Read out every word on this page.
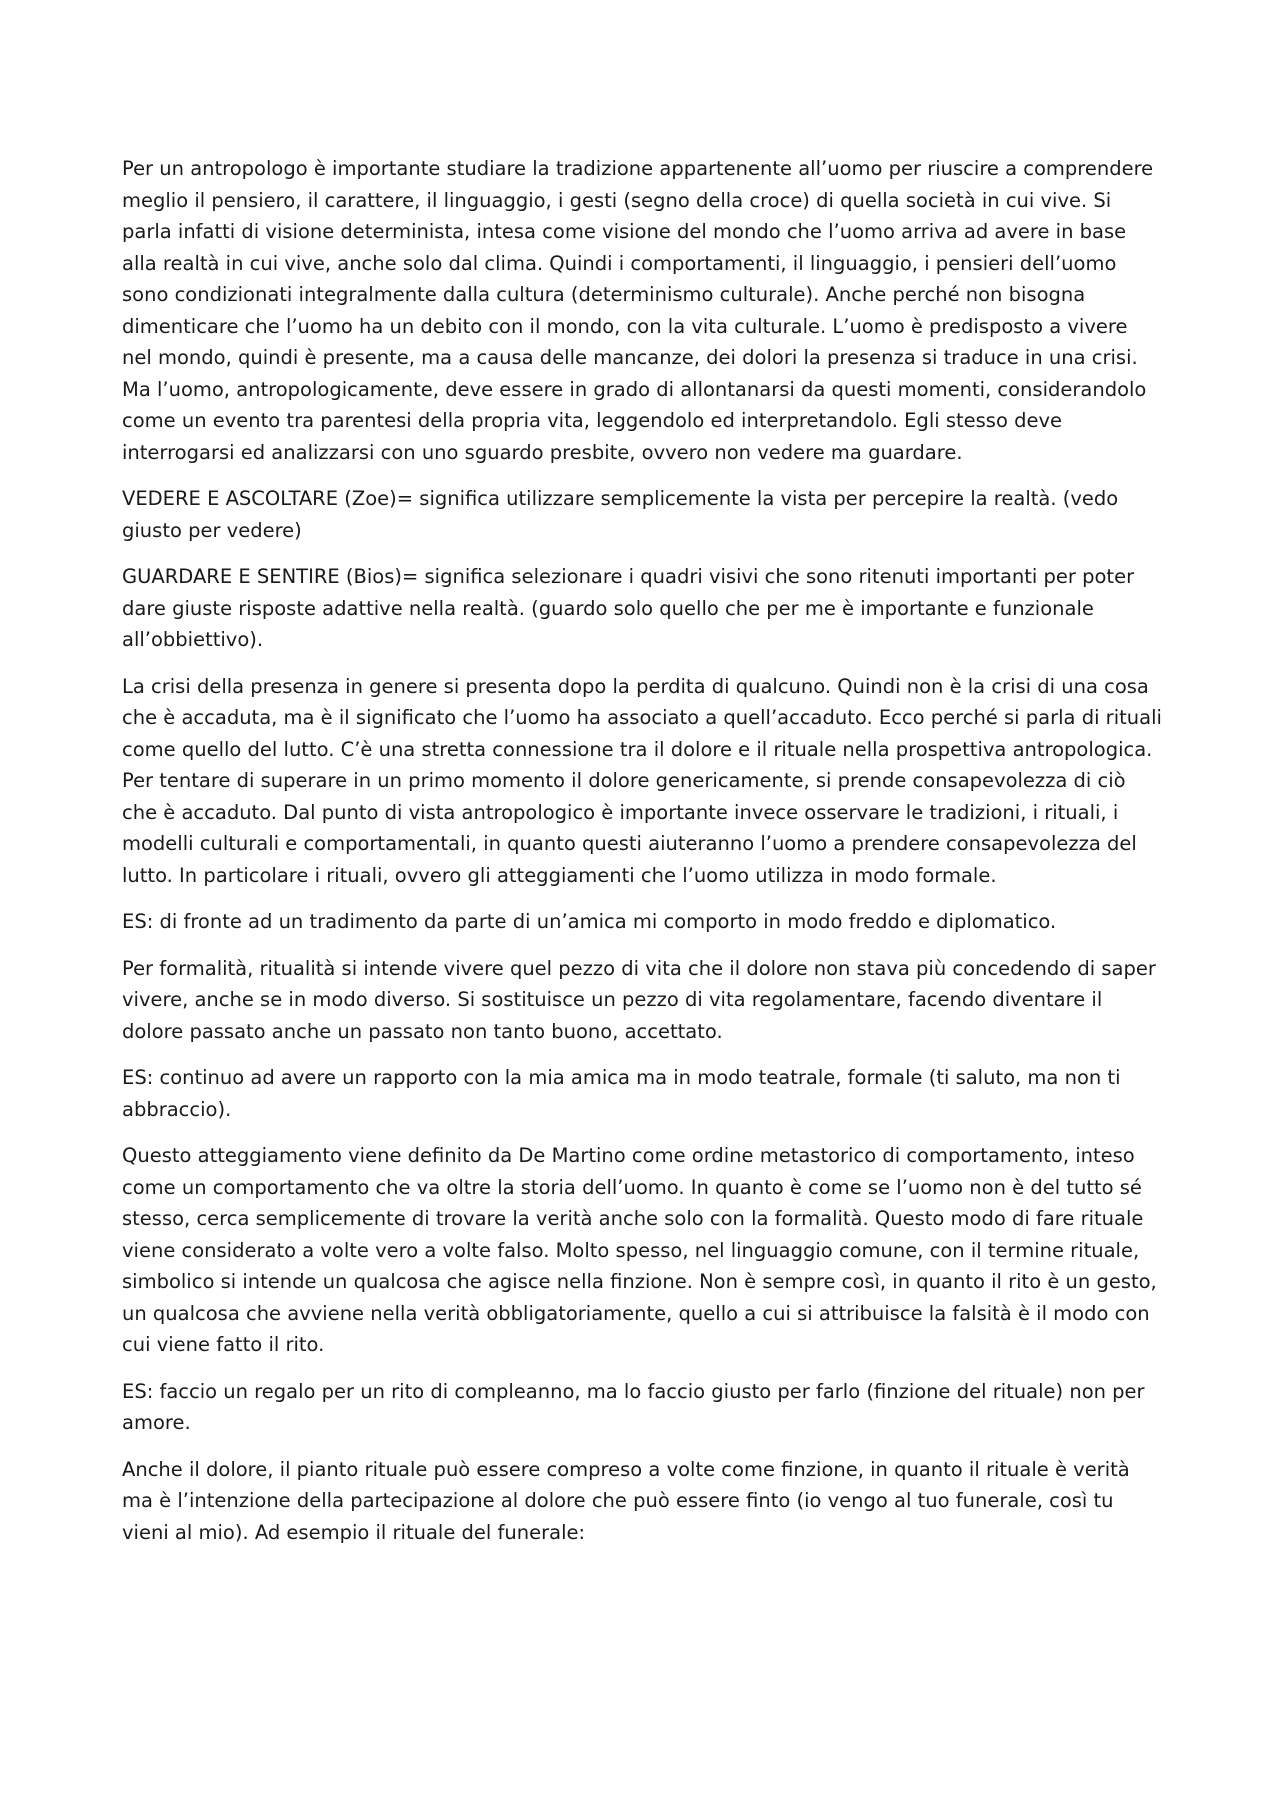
Per un antropologo è importante studiare la tradizione appartenente all’uomo per riuscire a comprendere meglio il pensiero, il carattere, il linguaggio, i gesti (segno della croce) di quella società in cui vive. Si parla infatti di visione determinista, intesa come visione del mondo che l’uomo arriva ad avere in base alla realtà in cui vive, anche solo dal clima. Quindi i comportamenti, il linguaggio, i pensieri dell’uomo sono condizionati integralmente dalla cultura (determinismo culturale). Anche perché non bisogna dimenticare che l’uomo ha un debito con il mondo, con la vita culturale. L’uomo è predisposto a vivere nel mondo, quindi è presente, ma a causa delle mancanze, dei dolori la presenza si traduce in una crisi. Ma l’uomo, antropologicamente, deve essere in grado di allontanarsi da questi momenti, considerandolo come un evento tra parentesi della propria vita, leggendolo ed interpretandolo. Egli stesso deve interrogarsi ed analizzarsi con uno sguardo presbite, ovvero non vedere ma guardare.

VEDERE E ASCOLTARE (Zoe)= significa utilizzare semplicemente la vista per percepire la realtà. (vedo giusto per vedere)

GUARDARE E SENTIRE (Bios)= significa selezionare i quadri visivi che sono ritenuti importanti per poter dare giuste risposte adattive nella realtà. (guardo solo quello che per me è importante e funzionale all’obbiettivo).

La crisi della presenza in genere si presenta dopo la perdita di qualcuno. Quindi non è la crisi di una cosa che è accaduta, ma è il significato che l’uomo ha associato a quell’accaduto. Ecco perché si parla di rituali come quello del lutto. C’è una stretta connessione tra il dolore e il rituale nella prospettiva antropologica. Per tentare di superare in un primo momento il dolore genericamente, si prende consapevolezza di ciò che è accaduto. Dal punto di vista antropologico è importante invece osservare le tradizioni, i rituali, i modelli culturali e comportamentali, in quanto questi aiuteranno l’uomo a prendere consapevolezza del lutto. In particolare i rituali, ovvero gli atteggiamenti che l’uomo utilizza in modo formale.

ES: di fronte ad un tradimento da parte di un’amica mi comporto in modo freddo e diplomatico.

Per formalità, ritualità si intende vivere quel pezzo di vita che il dolore non stava più concedendo di saper vivere, anche se in modo diverso. Si sostituisce un pezzo di vita regolamentare, facendo diventare il dolore passato anche un passato non tanto buono, accettato.

ES: continuo ad avere un rapporto con la mia amica ma in modo teatrale, formale (ti saluto, ma non ti abbraccio).

Questo atteggiamento viene definito da De Martino come ordine metastorico di comportamento, inteso come un comportamento che va oltre la storia dell’uomo. In quanto è come se l’uomo non è del tutto sé stesso, cerca semplicemente di trovare la verità anche solo con la formalità. Questo modo di fare rituale viene considerato a volte vero a volte falso. Molto spesso, nel linguaggio comune, con il termine rituale, simbolico si intende un qualcosa che agisce nella finzione. Non è sempre così, in quanto il rito è un gesto, un qualcosa che avviene nella verità obbligatoriamente, quello a cui si attribuisce la falsità è il modo con cui viene fatto il rito.

ES: faccio un regalo per un rito di compleanno, ma lo faccio giusto per farlo (finzione del rituale) non per amore.

Anche il dolore, il pianto rituale può essere compreso a volte come finzione, in quanto il rituale è verità ma è l’intenzione della partecipazione al dolore che può essere finto (io vengo al tuo funerale, così tu vieni al mio). Ad esempio il rituale del funerale:
